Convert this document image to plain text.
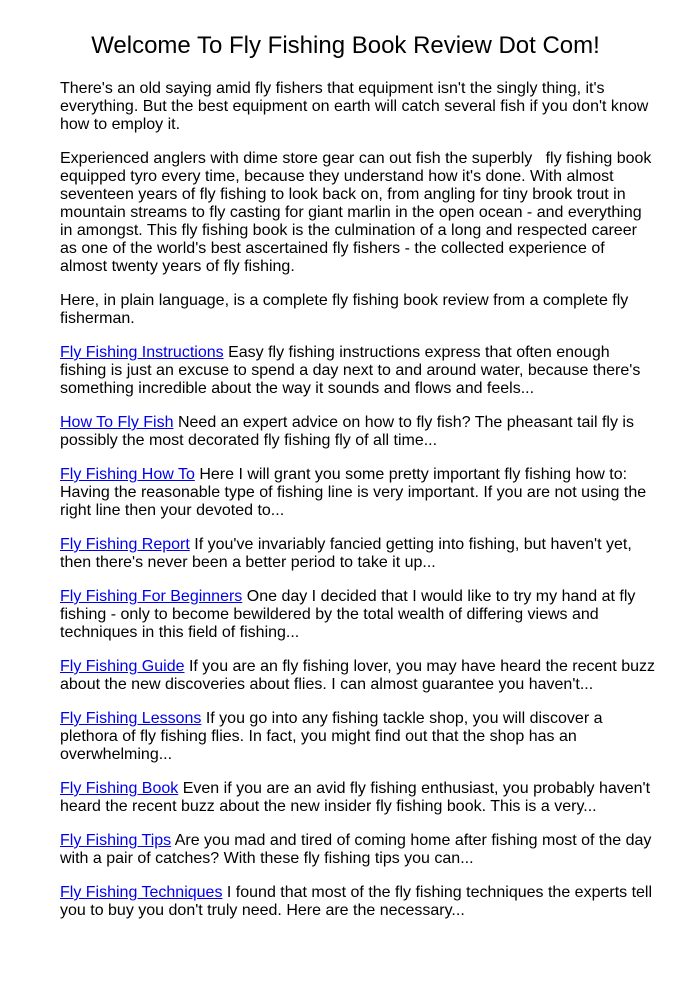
Welcome To Fly Fishing Book Review Dot Com!

There's an old saying amid fly fishers that equipment isn't the singly thing, it's everything. But the best equipment on earth will catch several fish if you don't know how to employ it.

Experienced anglers with dime store gear can out fish the superbly   fly fishing book equipped tyro every time, because they understand how it's done. With almost seventeen years of fly fishing to look back on, from angling for tiny brook trout in mountain streams to fly casting for giant marlin in the open ocean - and everything in amongst. This fly fishing book is the culmination of a long and respected career as one of the world's best ascertained fly fishers - the collected experience of almost twenty years of fly fishing.

Here, in plain language, is a complete fly fishing book review from a complete fly fisherman.

Fly Fishing Instructions Easy fly fishing instructions express that often enough fishing is just an excuse to spend a day next to and around water, because there's something incredible about the way it sounds and flows and feels...

How To Fly Fish Need an expert advice on how to fly fish? The pheasant tail fly is possibly the most decorated fly fishing fly of all time...

Fly Fishing How To Here I will grant you some pretty important fly fishing how to: Having the reasonable type of fishing line is very important. If you are not using the right line then your devoted to...

Fly Fishing Report If you've invariably fancied getting into fishing, but haven't yet, then there's never been a better period to take it up...

Fly Fishing For Beginners One day I decided that I would like to try my hand at fly fishing - only to become bewildered by the total wealth of differing views and techniques in this field of fishing...

Fly Fishing Guide If you are an fly fishing lover, you may have heard the recent buzz about the new discoveries about flies. I can almost guarantee you haven't...

Fly Fishing Lessons If you go into any fishing tackle shop, you will discover a plethora of fly fishing flies. In fact, you might find out that the shop has an overwhelming...

Fly Fishing Book Even if you are an avid fly fishing enthusiast, you probably haven't heard the recent buzz about the new insider fly fishing book. This is a very...

Fly Fishing Tips Are you mad and tired of coming home after fishing most of the day with a pair of catches? With these fly fishing tips you can...

Fly Fishing Techniques I found that most of the fly fishing techniques the experts tell you to buy you don't truly need. Here are the necessary...
